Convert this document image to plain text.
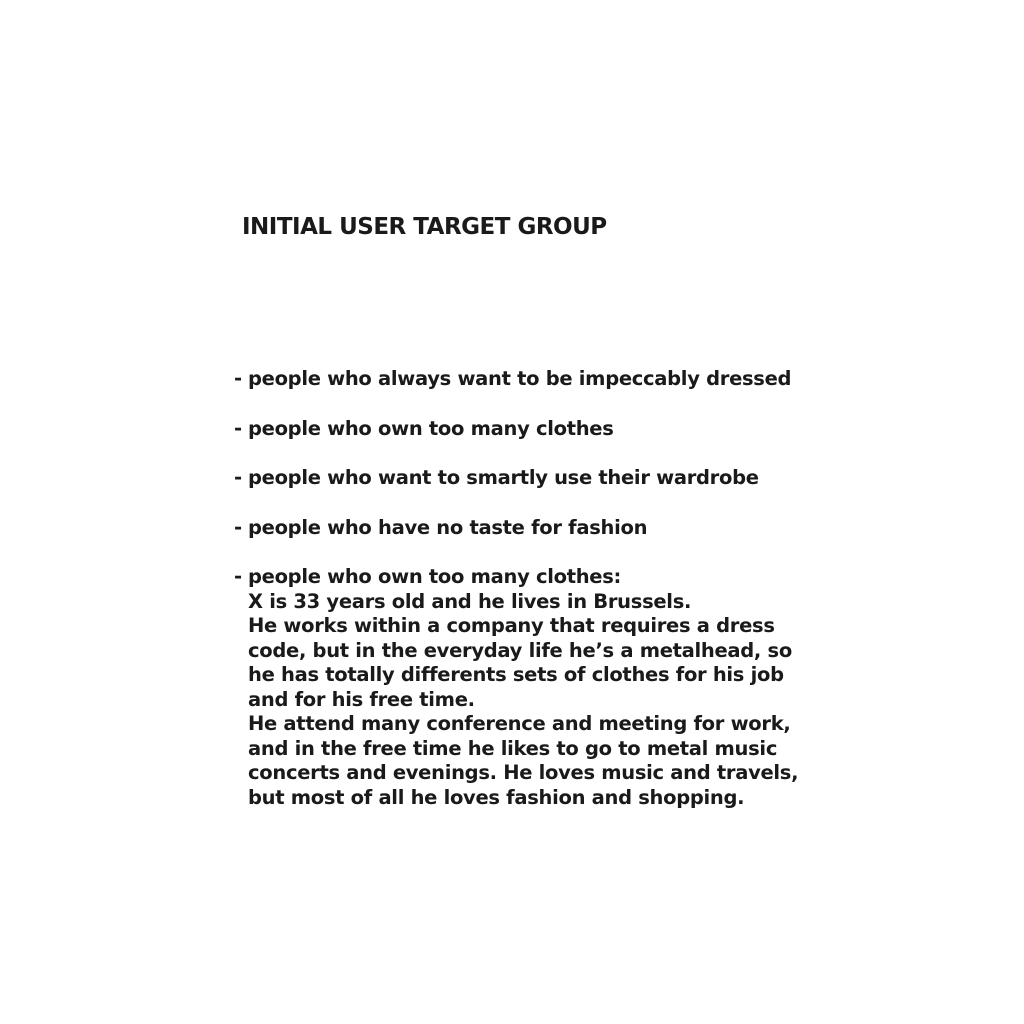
INITIAL USER TARGET GROUP
- people who always want to be impeccably dressed
- people who own too many clothes
- people who want to smartly use their wardrobe
- people who have no taste for fashion
- people who own too many clothes:

X is 33 years old and he lives in Brussels.

He works within a company that requires a dress

code, but in the everyday life he’s a metalhead, so

he has totally differents sets of clothes for his job

and for his free time.

He attend many conference and meeting for work,

and in the free time he likes to go to metal music

concerts and evenings. He loves music and travels,

but most of all he loves fashion and shopping.
